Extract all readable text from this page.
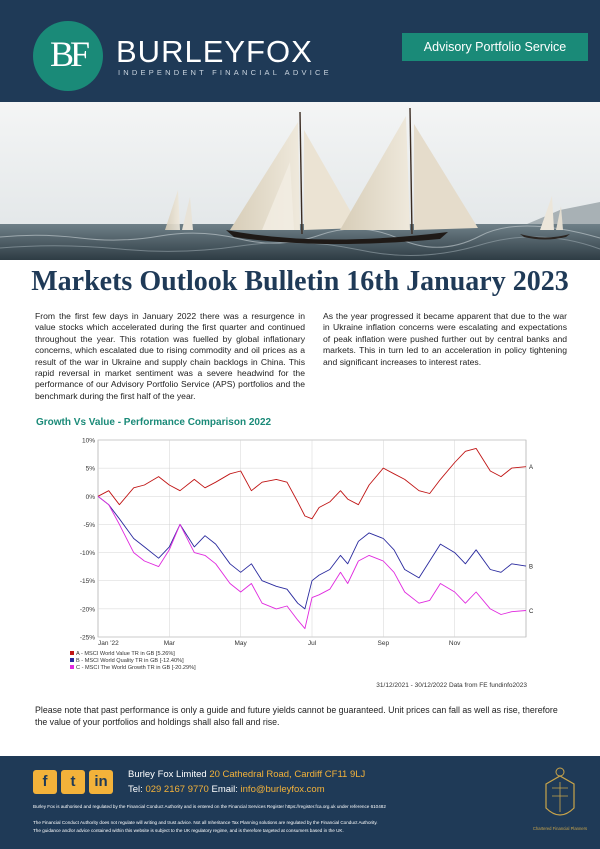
BF BURLEYFOX
INDEPENDENT FINANCIAL ADVICE
Advisory Portfolio Service
Markets Outlook Bulletin 16th January 2023

From the first few days in January 2022 there was a resurgence in value stocks which accelerated during the first quarter and continued throughout the year. This rotation was fuelled by global inflationary concerns, which escalated due to rising commodity and oil prices as a result of the war in Ukraine and supply chain backlogs in China. This rapid reversal in market sentiment was a severe headwind for the performance of our Advisory Portfolio Service (APS) portfolios and the benchmark during the first half of the year.

As the year progressed it became apparent that due to the war in Ukraine inflation concerns were escalating and expectations of peak inflation were pushed further out by central banks and markets. This in turn led to an acceleration in policy tightening and significant increases to interest rates.

Growth Vs Value - Performance Comparison 2022
10%
5%
0%
-5%
-10%
-15%
-20%
-25%
Jan '22	Mar	May	Jul	Sep	Nov
A
A - MSCI World Value TR in GB [5.26%]
B
B - MSCI World Quality TR in GB [-12.40%]
C
C - MSCI The World Growth TR in GB [-20.29%]
31/12/2021 - 30/12/2022 Data from FE fundinfo2023

Please note that past performance is only a guide and future yields cannot be guaranteed. Unit prices can fall as well as rise, therefore the value of your portfolios and holdings shall also fall and rise.

f	t	in	Burley Fox Limited 20 Cathedral Road, Cardiff CF11 9LJ
Tel: 029 2167 9770 Email: info@burleyfox.com
Burley Fox is authorised and regulated by the Financial Conduct Authority and is entered on the Financial Services Register https://register.fca.org.uk under reference 610482
The Financial Conduct Authority does not regulate will writing and trust advice. Not all Inheritance Tax Planning solutions are regulated by the Financial Conduct Authority.
The guidance and/or advice contained within this website is subject to the UK regulatory regime, and is therefore targeted at consumers based in the UK.	Chartered Financial Planners
